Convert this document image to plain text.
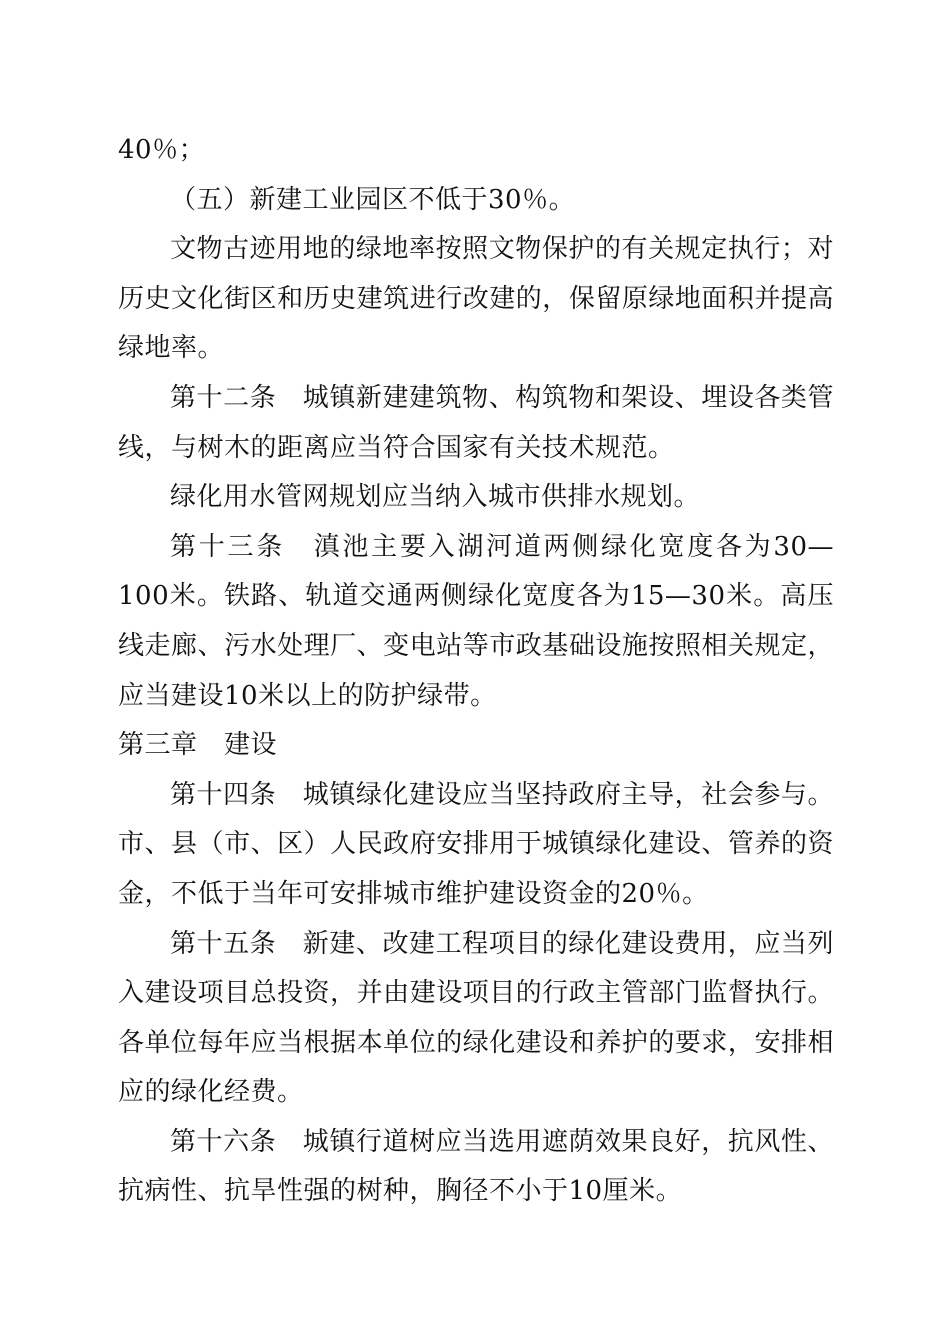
40％；

（五）新建工业园区不低于30％。

文物古迹用地的绿地率按照文物保护的有关规定执行；对历史文化街区和历史建筑进行改建的，保留原绿地面积并提高绿地率。

第十二条　城镇新建建筑物、构筑物和架设、埋设各类管线，与树木的距离应当符合国家有关技术规范。

绿化用水管网规划应当纳入城市供排水规划。

第十三条　滇池主要入湖河道两侧绿化宽度各为30—100米。铁路、轨道交通两侧绿化宽度各为15—30米。高压线走廊、污水处理厂、变电站等市政基础设施按照相关规定，应当建设10米以上的防护绿带。

第三章　建设

第十四条　城镇绿化建设应当坚持政府主导，社会参与。市、县（市、区）人民政府安排用于城镇绿化建设、管养的资金，不低于当年可安排城市维护建设资金的20％。

第十五条　新建、改建工程项目的绿化建设费用，应当列入建设项目总投资，并由建设项目的行政主管部门监督执行。各单位每年应当根据本单位的绿化建设和养护的要求，安排相应的绿化经费。

第十六条　城镇行道树应当选用遮荫效果良好，抗风性、抗病性、抗旱性强的树种，胸径不小于10厘米。
